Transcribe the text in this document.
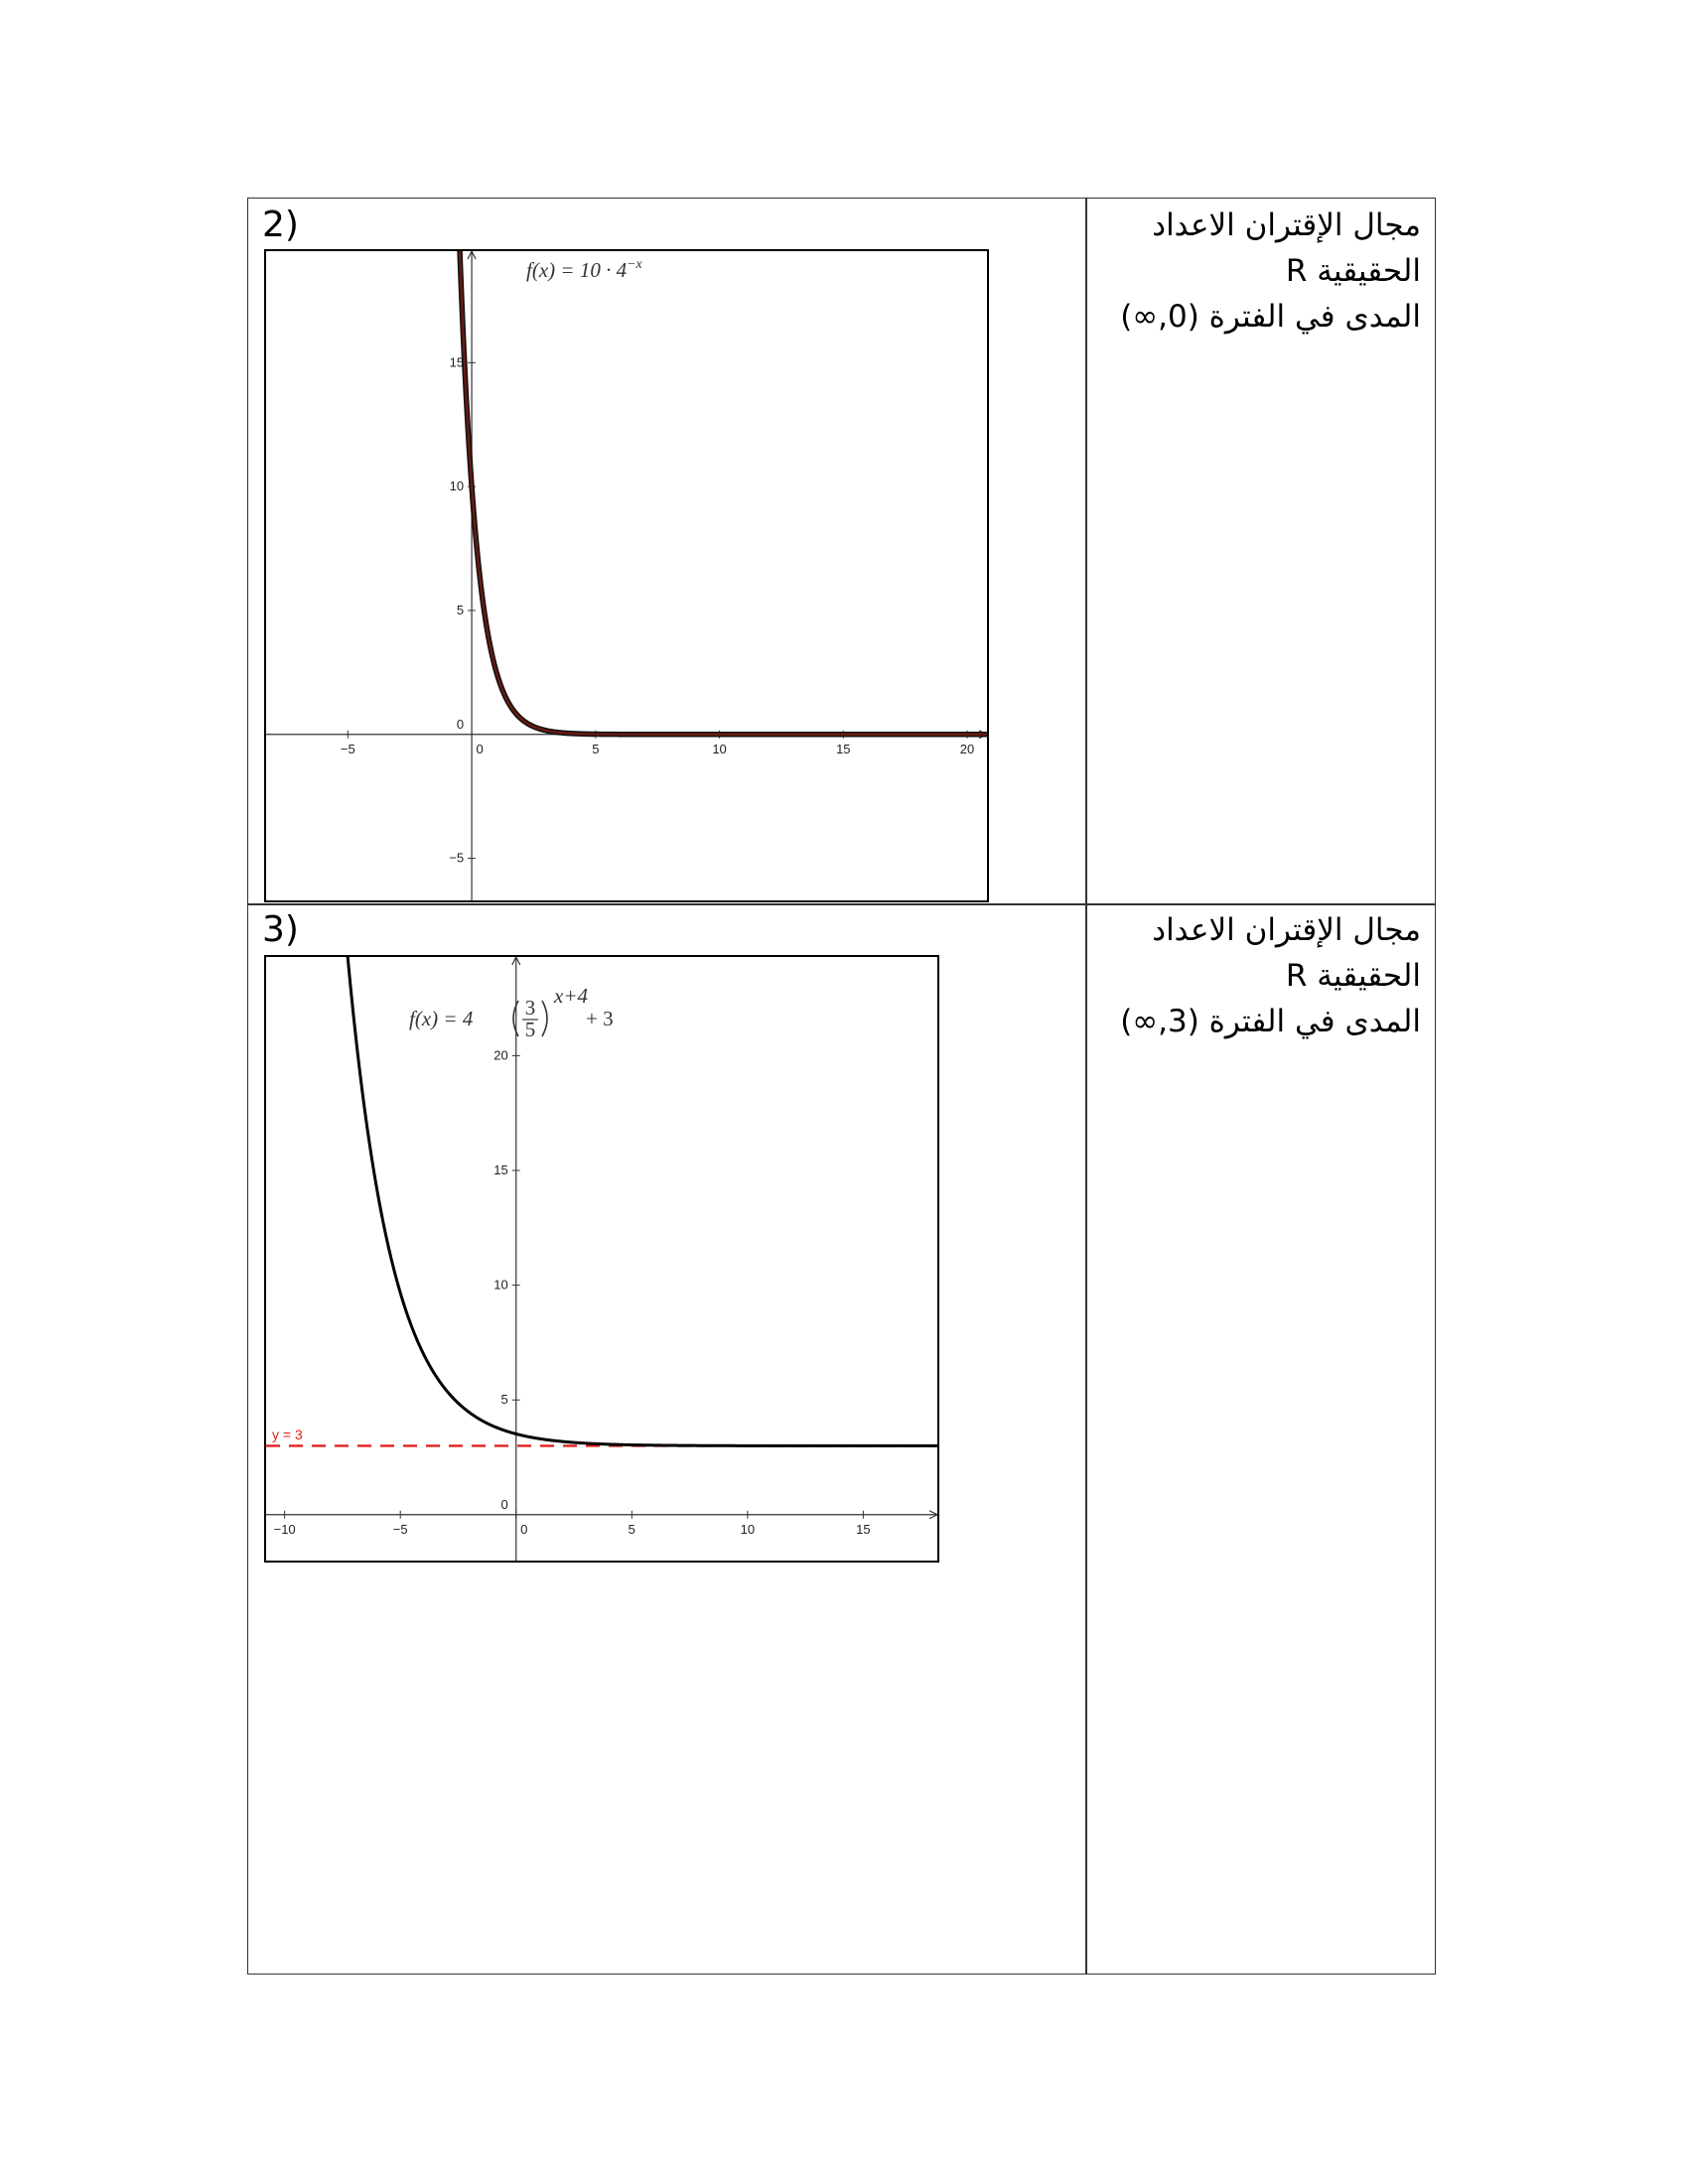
2)	مجال الإقتران الاعداد

الحقيقية R

المدى في الفترة (0,∞)

$f(x) = 10 \cdot 4^{-x}$
−5	0	5	10	15	20
−5
0
5
10
15
3)	مجال الإقتران الاعداد

الحقيقية R

المدى في الفترة (3,∞)

f(x) = 4 3
5
x+4
+ 3
y = 3
−10	−5	0	5	10	15
0
5
10
15
20
